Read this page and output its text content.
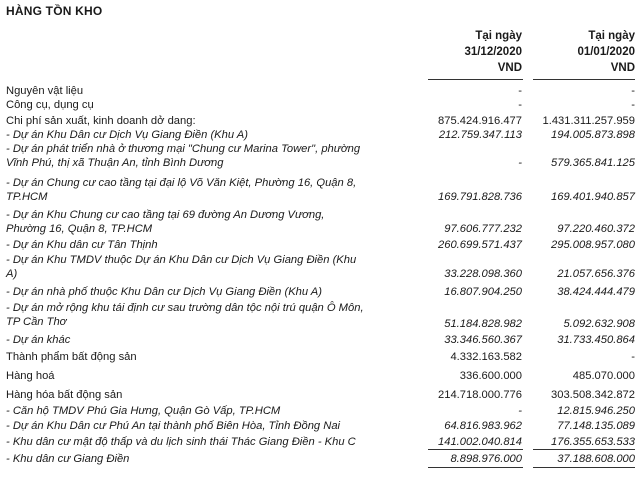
HÀNG TỒN KHO
Tại ngày
31/12/2020
VND
Tại ngày
01/01/2020
VND
Nguyên vật liệu	-	-
Công cụ, dụng cụ	-	-
Chi phí sản xuất, kinh doanh dở dang:	875.424.916.477 1.431.311.257.959
- Dự án Khu Dân cư Dịch Vụ Giang Điền (Khu A)	212.759.347.113	194.005.873.898
- Dự án phát triển nhà ở thương mại "Chung cư Marina Tower", phường Vĩnh Phú, thị xã Thuận An, tỉnh Bình Dương	-	579.365.841.125
- Dự án Chung cư cao tầng tại đại lộ Võ Văn Kiệt, Phường 16, Quận 8, TP.HCM	169.791.828.736	169.401.940.857
- Dự án Khu Chung cư cao tầng tại 69 đường An Dương Vương, Phường 16, Quận 8, TP.HCM	97.606.777.232	97.220.460.372
- Dự án Khu dân cư Tân Thịnh	260.699.571.437	295.008.957.080
- Dự án Khu TMDV thuộc Dự án Khu Dân cư Dịch Vụ Giang Điền (Khu A)	33.228.098.360	21.057.656.376
- Dự án nhà phố thuộc Khu Dân cư Dịch Vụ Giang Điền (Khu A)	16.807.904.250	38.424.444.479
- Dự án mở rộng khu tái định cư sau trường dân tộc nội trú quận Ô Môn, TP Cần Thơ	51.184.828.982	5.092.632.908
- Dự án khác	33.346.560.367	31.733.450.864
Thành phẩm bất động sản	4.332.163.582	-
Hàng hoá	336.600.000	485.070.000
Hàng hóa bất động sản	214.718.000.776	303.508.342.872
- Căn hộ TMDV Phú Gia Hưng, Quận Gò Vấp, TP.HCM	-	12.815.946.250
- Dự án Khu Dân cư Phú An tại thành phố Biên Hòa, Tỉnh Đồng Nai	64.816.983.962	77.148.135.089
- Khu dân cư mật độ thấp và du lịch sinh thái Thác Giang Điền - Khu C	141.002.040.814	176.355.653.533
- Khu dân cư Giang Điền	8.898.976.000	37.188.608.000
